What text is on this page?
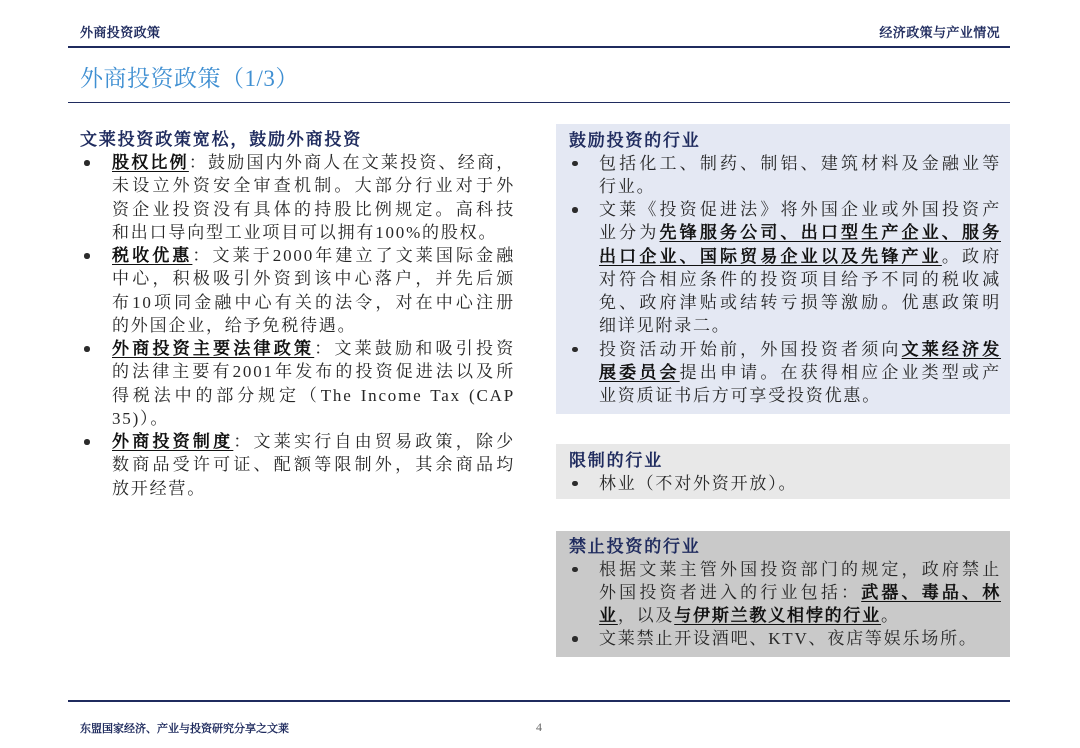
外商投资政策	经济政策与产业情况
外商投资政策（1/3）
文莱投资政策宽松，鼓励外商投资
股权比例：鼓励国内外商人在文莱投资、经商，
未设立外资安全审查机制。大部分行业对于外
资企业投资没有具体的持股比例规定。高科技
和出口导向型工业项目可以拥有100%的股权。
税收优惠：文莱于2000年建立了文莱国际金融
中心，积极吸引外资到该中心落户，并先后颁
布10项同金融中心有关的法令，对在中心注册
的外国企业，给予免税待遇。
外商投资主要法律政策：文莱鼓励和吸引投资
的法律主要有2001年发布的投资促进法以及所
得税法中的部分规定（The Income Tax (CAP
35)）。
外商投资制度：文莱实行自由贸易政策，除少
数商品受许可证、配额等限制外，其余商品均
放开经营。
鼓励投资的行业
包括化工、制药、制铝、建筑材料及金融业等
行业。
文莱《投资促进法》将外国企业或外国投资产
业分为先锋服务公司、出口型生产企业、服务
出口企业、国际贸易企业以及先锋产业。政府
对符合相应条件的投资项目给予不同的税收减
免、政府津贴或结转亏损等激励。优惠政策明
细详见附录二。
投资活动开始前，外国投资者须向文莱经济发
展委员会提出申请。在获得相应企业类型或产
业资质证书后方可享受投资优惠。
限制的行业
林业（不对外资开放）。
禁止投资的行业
根据文莱主管外国投资部门的规定，政府禁止
外国投资者进入的行业包括：武器、毒品、林
业，以及与伊斯兰教义相悖的行业。
文莱禁止开设酒吧、KTV、夜店等娱乐场所。
东盟国家经济、产业与投资研究分享之文莱	4
